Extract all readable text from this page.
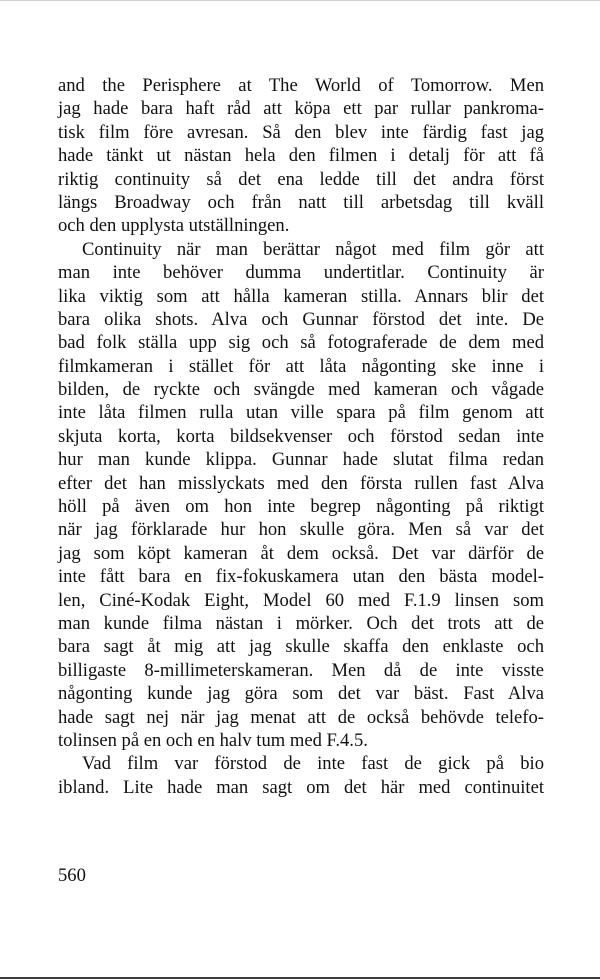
and the Perisphere at The World of Tomorrow. Men
jag hade bara haft råd att köpa ett par rullar pankroma-
tisk film före avresan. Så den blev inte färdig fast jag
hade tänkt ut nästan hela den filmen i detalj för att få
riktig continuity så det ena ledde till det andra först
längs Broadway och från natt till arbetsdag till kväll
och den upplysta utställningen.
Continuity när man berättar något med film gör att
man inte behöver dumma undertitlar. Continuity är
lika viktig som att hålla kameran stilla. Annars blir det
bara olika shots. Alva och Gunnar förstod det inte. De
bad folk ställa upp sig och så fotograferade de dem med
filmkameran i stället för att låta någonting ske inne i
bilden, de ryckte och svängde med kameran och vågade
inte låta filmen rulla utan ville spara på film genom att
skjuta korta, korta bildsekvenser och förstod sedan inte
hur man kunde klippa. Gunnar hade slutat filma redan
efter det han misslyckats med den första rullen fast Alva
höll på även om hon inte begrep någonting på riktigt
när jag förklarade hur hon skulle göra. Men så var det
jag som köpt kameran åt dem också. Det var därför de
inte fått bara en fix-fokuskamera utan den bästa model-
len, Ciné-Kodak Eight, Model 60 med F.1.9 linsen som
man kunde filma nästan i mörker. Och det trots att de
bara sagt åt mig att jag skulle skaffa den enklaste och
billigaste 8-millimeterskameran. Men då de inte visste
någonting kunde jag göra som det var bäst. Fast Alva
hade sagt nej när jag menat att de också behövde telefo-
tolinsen på en och en halv tum med F.4.5.
Vad film var förstod de inte fast de gick på bio
ibland. Lite hade man sagt om det här med continuitet
560
